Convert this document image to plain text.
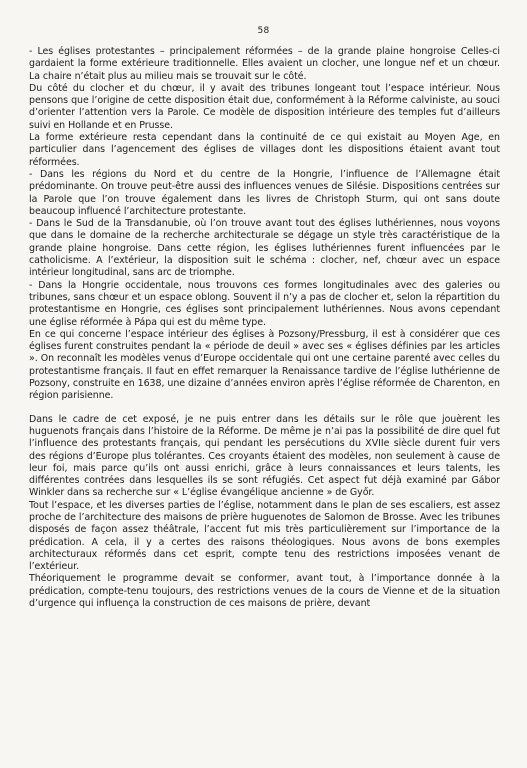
58

- Les églises protestantes – principalement réformées – de la grande plaine hongroise Celles-ci gardaient la forme extérieure traditionnelle. Elles avaient un clocher, une longue nef et un chœur. La chaire n’était plus au milieu mais se trouvait sur le côté.

Du côté du clocher et du chœur, il y avait des tribunes longeant tout l’espace intérieur. Nous pensons que l’origine de cette disposition était due, conformément à la Réforme calviniste, au souci d’orienter l’attention vers la Parole. Ce modèle de disposition intérieure des temples fut d’ailleurs suivi en Hollande et en Prusse.

La forme extérieure resta cependant dans la continuité de ce qui existait au Moyen Age, en particulier dans l’agencement des églises de villages dont les dispositions étaient avant tout réformées.

- Dans les régions du Nord et du centre de la Hongrie, l’influence de l’Allemagne était prédominante. On trouve peut-être aussi des influences venues de Silésie. Dispositions centrées sur la Parole que l’on trouve également dans les livres de Christoph Sturm, qui ont sans doute beaucoup influencé l’architecture protestante.

- Dans le Sud de la Transdanubie, où l’on trouve avant tout des églises luthériennes, nous voyons que dans le domaine de la recherche architecturale se dégage un style très caractéristique de la grande plaine hongroise. Dans cette région, les églises luthériennes furent influencées par le catholicisme. A l’extérieur, la disposition suit le schéma : clocher, nef, chœur avec un espace intérieur longitudinal, sans arc de triomphe.

- Dans la Hongrie occidentale, nous trouvons ces formes longitudinales avec des galeries ou tribunes, sans chœur et un espace oblong. Souvent il n’y a pas de clocher et, selon la répartition du protestantisme en Hongrie, ces églises sont principalement luthériennes. Nous avons cependant une église réformée à Pápa qui est du même type.

En ce qui concerne l’espace intérieur des églises à Pozsony/Pressburg, il est à considérer que ces églises furent construites pendant la « période de deuil » avec ses « églises définies par les articles ». On reconnaît les modèles venus d’Europe occidentale qui ont une certaine parenté avec celles du protestantisme français. Il faut en effet remarquer la Renaissance tardive de l’église luthérienne de Pozsony, construite en 1638, une dizaine d’années environ après l’église réformée de Charenton, en région parisienne.

Dans le cadre de cet exposé, je ne puis entrer dans les détails sur le rôle que jouèrent les huguenots français dans l’histoire de la Réforme. De même je n’ai pas la possibilité de dire quel fut l’influence des protestants français, qui pendant les persécutions du XVIIe siècle durent fuir vers des régions d’Europe plus tolérantes. Ces croyants étaient des modèles, non seulement à cause de leur foi, mais parce qu’ils ont aussi enrichi, grâce à leurs connaissances et leurs talents, les différentes contrées dans lesquelles ils se sont réfugiés. Cet aspect fut déjà examiné par Gábor Winkler dans sa recherche sur « L’église évangélique ancienne » de Győr.

Tout l’espace, et les diverses parties de l’église, notamment dans le plan de ses escaliers, est assez proche de l’architecture des maisons de prière huguenotes de Salomon de Brosse. Avec les tribunes disposés de façon assez théâtrale, l’accent fut mis très particulièrement sur l’importance de la prédication. A cela, il y a certes des raisons théologiques. Nous avons de bons exemples architecturaux réformés dans cet esprit, compte tenu des restrictions imposées venant de l’extérieur.

Théoriquement le programme devait se conformer, avant tout, à l’importance donnée à la prédication, compte-tenu toujours, des restrictions venues de la cours de Vienne et de la situation d’urgence qui influença la construction de ces maisons de prière, devant
